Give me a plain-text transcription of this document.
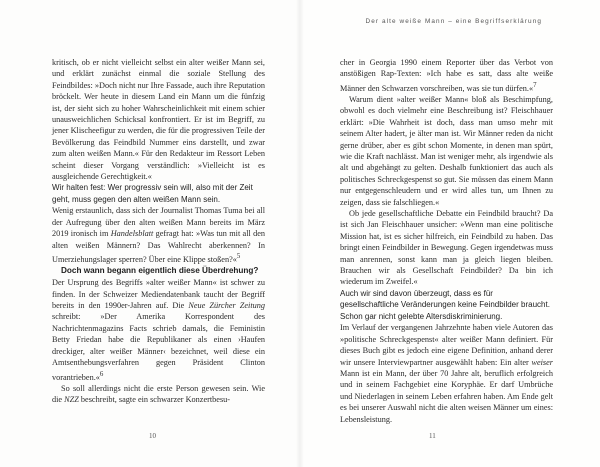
kritisch, ob er nicht vielleicht selbst ein alter weißer Mann sei, und erklärt zunächst einmal die soziale Stellung des Feindbildes: »Doch nicht nur Ihre Fassade, auch ihre Reputation bröckelt. Wer heute in diesem Land ein Mann um die fünfzig ist, der sieht sich zu hoher Wahrscheinlichkeit mit einem schier unausweichlichen Schicksal konfrontiert. Er ist im Begriff, zu jener Klischeefigur zu werden, die für die progressiven Teile der Bevölkerung das Feindbild Nummer eins darstellt, und zwar zum alten weißen Mann.« Für den Redakteur im Ressort Leben scheint dieser Vorgang verständlich: »Vielleicht ist es ausgleichende Gerechtigkeit.«

Wir halten fest: Wer progressiv sein will, also mit der Zeit geht, muss gegen den alten weißen Mann sein.

Wenig erstaunlich, dass sich der Journalist Thomas Tuma bei all der Aufregung über den alten weißen Mann bereits im März 2019 ironisch im Handelsblatt gefragt hat: »Was tun mit all den alten weißen Männern? Das Wahlrecht aberkennen? In Umerziehungslager sperren? Über eine Klippe stoßen?«$^5$

Doch wann begann eigentlich diese Überdrehung?

Der Ursprung des Begriffs »alter weißer Mann« ist schwer zu finden. In der Schweizer Mediendatenbank taucht der Begriff bereits in den 1990er-Jahren auf. Die Neue Zürcher Zeitung schreibt: »Der Amerika Korrespondent des Nachrichtenmagazins Facts schrieb damals, die Feministin Betty Friedan habe die Republikaner als einen ›Haufen dreckiger, alter weißer Männer‹ bezeichnet, weil diese ein Amtsenthebungsverfahren gegen Präsident Clinton vorantrieben.«$^6$

So soll allerdings nicht die erste Person gewesen sein. Wie die NZZ beschreibt, sagte ein schwarzer Konzertbesu-

10
Der alte weiße Mann – eine Begriffserklärung

cher in Georgia 1990 einem Reporter über das Verbot von anstößigen Rap-Texten: »Ich habe es satt, dass alte weiße Männer den Schwarzen vorschreiben, was sie tun dürfen.«$^7$

Warum dient »alter weißer Mann« bloß als Beschimpfung, obwohl es doch vielmehr eine Beschreibung ist? Fleischhauer erklärt: »Die Wahrheit ist doch, dass man umso mehr mit seinem Alter hadert, je älter man ist. Wir Männer reden da nicht gerne drüber, aber es gibt schon Momente, in denen man spürt, wie die Kraft nachlässt. Man ist weniger mehr, als irgendwie als alt und abgehängt zu gelten. Deshalb funktioniert das auch als politisches Schreckgespenst so gut. Sie müssen das einem Mann nur entgegenschleudern und er wird alles tun, um Ihnen zu zeigen, dass sie falschliegen.«

Ob jede gesellschaftliche Debatte ein Feindbild braucht? Da ist sich Jan Fleischhauer unsicher: »Wenn man eine politische Mission hat, ist es sicher hilfreich, ein Feindbild zu haben. Das bringt einen Feindbilder in Bewegung. Gegen irgendetwas muss man anrennen, sonst kann man ja gleich liegen bleiben. Brauchen wir als Gesellschaft Feindbilder? Da bin ich wiederum im Zweifel.«

Auch wir sind davon überzeugt, dass es für gesellschaftliche Veränderungen keine Feindbilder braucht. Schon gar nicht gelebte Altersdiskriminierung.

Im Verlauf der vergangenen Jahrzehnte haben viele Autoren das »politische Schreckgespenst« alter weißer Mann definiert. Für dieses Buch gibt es jedoch eine eigene Definition, anhand derer wir unsere Interviewpartner ausgewählt haben: Ein alter weiser Mann ist ein Mann, der über 70 Jahre alt, beruflich erfolgreich und in seinem Fachgebiet eine Koryphäe. Er darf Umbrüche und Niederlagen in seinem Leben erfahren haben. Am Ende gelt es bei unserer Auswahl nicht die alten weisen Männer um eines: Lebensleistung.

11
